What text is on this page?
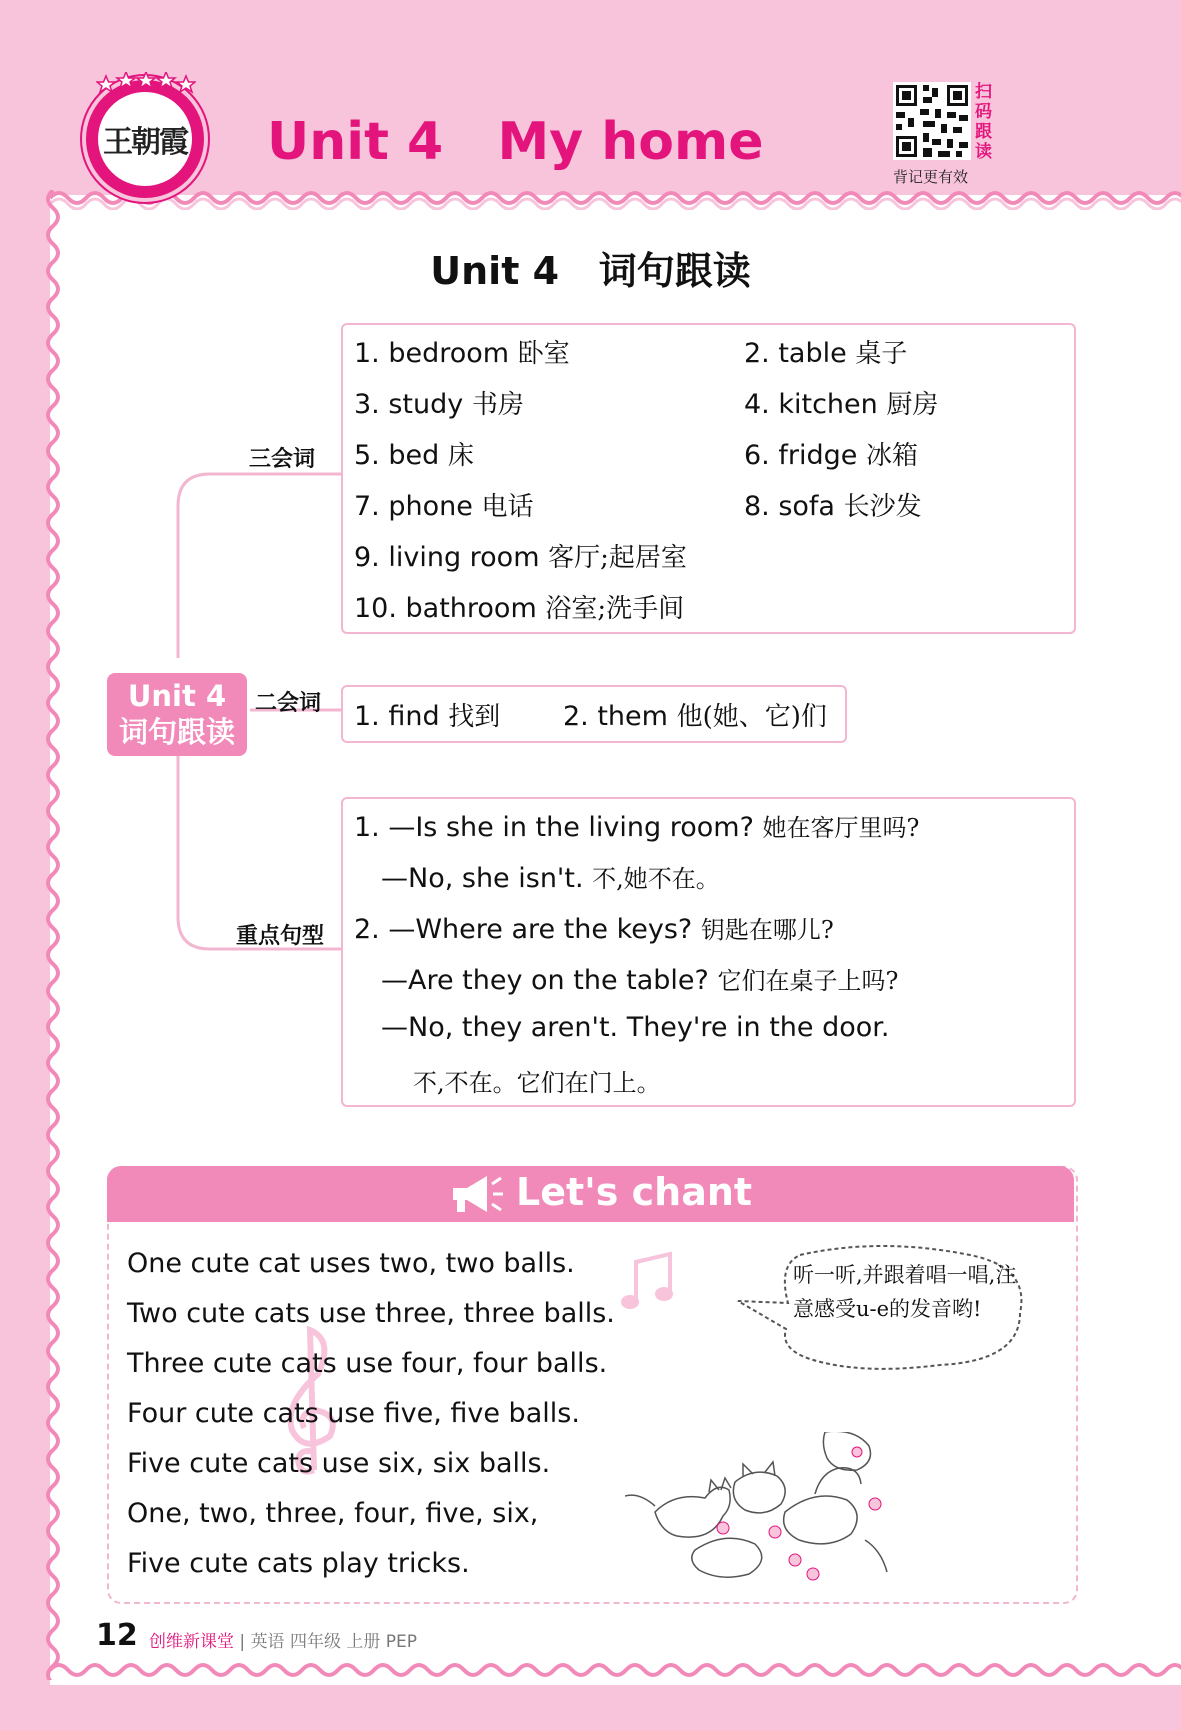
王朝霞 Unit 4   My home
扫码跟读
背记更有效
Unit 4   词句跟读
Unit 4
词句跟读
三会词
二会词
重点句型
1. bedroom 卧室	2. table 桌子
3. study 书房	4. kitchen 厨房
5. bed 床	6. fridge 冰箱
7. phone 电话	8. sofa 长沙发
9. living room 客厅;起居室
10. bathroom 浴室;洗手间
1. find 找到 2. them 他(她、它)们
1. —Is she in the living room? 她在客厅里吗?
—No, she isn't. 不,她不在。
2. —Where are the keys? 钥匙在哪儿?
—Are they on the table? 它们在桌子上吗?
—No, they aren't. They're in the door.
不,不在。它们在门上。
Let's chant
One cute cat uses two, two balls.
Two cute cats use three, three balls.
Three cute cats use four, four balls.
Four cute cats use five, five balls.
Five cute cats use six, six balls.
One, two, three, four, five, six,
Five cute cats play tricks.
听一听,并跟着唱一唱,注意感受u-e的发音哟!
12 创维新课堂 | 英语 四年级 上册 PEP
